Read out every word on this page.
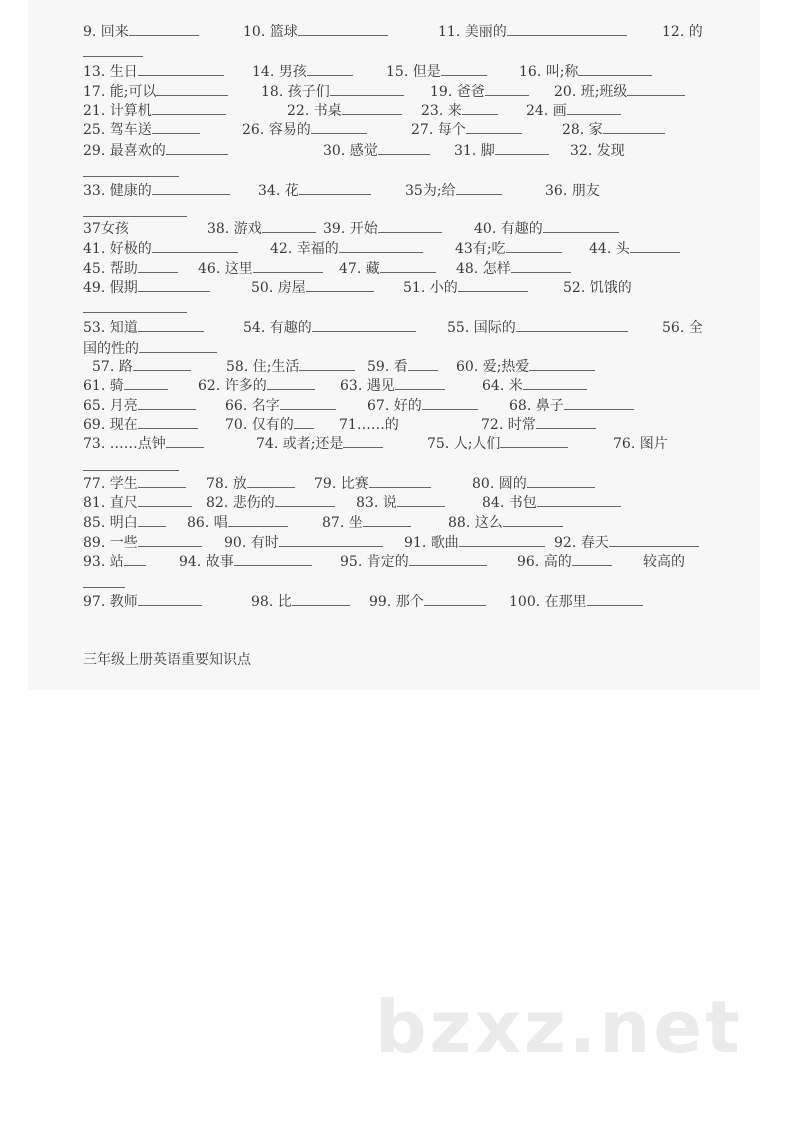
9. 回来	10. 篮球	11. 美丽的	12. 的
13. 生日	14. 男孩	15. 但是	16. 叫;称
17. 能;可以	18. 孩子们	19. 爸爸	20. 班;班级
21. 计算机	22. 书桌	23. 来	24. 画
25. 驾车送	26. 容易的	27. 每个	28. 家
29. 最喜欢的	30. 感觉	31. 脚	32. 发现
33. 健康的	34. 花	35为;给	36. 朋友
37女孩	38. 游戏	39. 开始	40. 有趣的
41. 好极的	42. 幸福的	43有;吃	44. 头
45. 帮助	46. 这里	47. 藏	48. 怎样
49. 假期	50. 房屋	51. 小的	52. 饥饿的
53. 知道	54. 有趣的	55. 国际的	56. 全
国的性的
57. 路	58. 住;生活	59. 看	60. 爱;热爱
61. 骑	62. 许多的	63. 遇见	64. 米
65. 月亮	66. 名字	67. 好的	68. 鼻子
69. 现在	70. 仅有的	71……的	72. 时常
73. ……点钟	74. 或者;还是	75. 人;人们	76. 图片
77. 学生	78. 放	79. 比赛	80. 圆的
81. 直尺	82. 悲伤的	83. 说	84. 书包
85. 明白	86. 唱	87. 坐	88. 这么
89. 一些	90. 有时	91. 歌曲	92. 春天
93. 站	94. 故事	95. 肯定的	96. 高的	较高的
97. 教师	98. 比	99. 那个	100. 在那里
三年级上册英语重要知识点
bzxz.net
